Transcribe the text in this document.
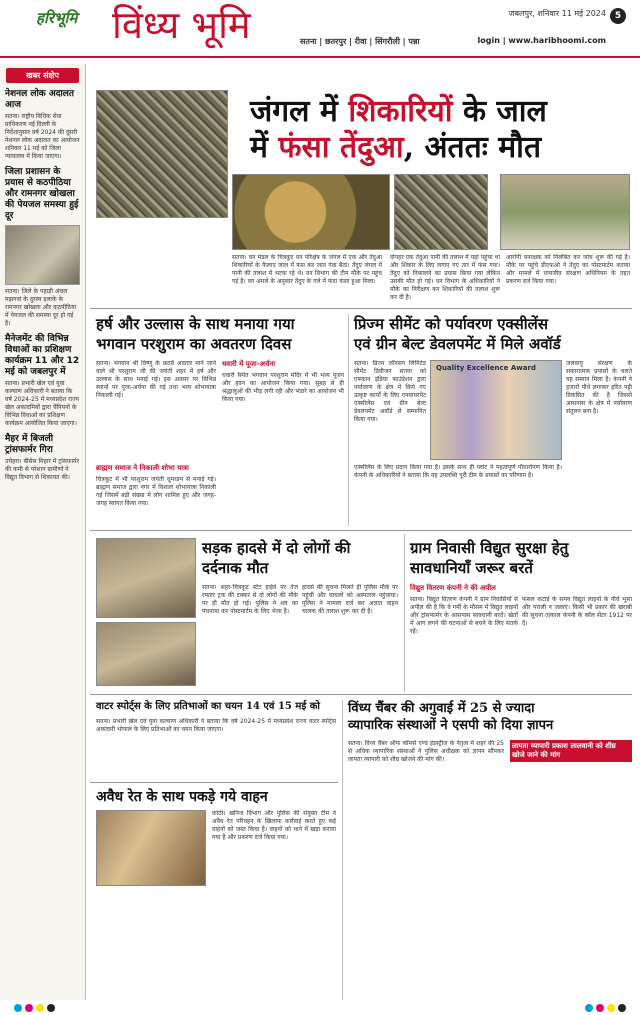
हरिभूमि विंध्य भूमि	सतना | छतरपुर | रीवा | सिंगरौली | पन्ना
जबलपुर, शनिवार 11 मई 2024 5
login | www.haribhoomi.com
खबर संक्षेप
नेशनल लोक अदालत आज
सतना। राष्ट्रीय विधिक सेवा प्राधिकरण नई दिल्ली के निर्देशानुसार वर्ष 2024 की दूसरी नेशनल लोक अदालत का आयोजन शनिवार 11 मई को जिला न्यायालय में किया जाएगा।
जिला प्रशासन के प्रयास से कठपीठिया और रामनगर खोखला की पेयजल समस्या हुई दूर
सतना। जिले के पहाड़ी अंचल मझगवां के दुरस्थ इलाके के रामनगर खोखला और कठपीठिया में पेयजल की समस्या दूर हो गई है।
मैनेजमेंट की विभिन्न विधाओं का प्रशिक्षण कार्यक्रम 11 और 12 मई को जबलपुर में
सतना। प्रभारी खेल एवं युवा कल्याण अधिकारी ने बताया कि वर्ष 2024-25 में मध्यप्रदेश राज्य खेल अकादमियों द्वारा चैंपियनों के विभिन्न विधाओं का प्रशिक्षण कार्यक्रम आयोजित किया जाएगा।
मैहर में बिजली ट्रांसफार्मर गिरा
उचेहरा। बीसेस मिहार में ट्रांसफार्मर की कमी से परेशान ग्रामीणों ने विद्युत विभाग से शिकायत की।
जंगल में शिकारियों के जाल
में फंसा तेंदुआ, अंततः मौत
सतना। वन मंडल के चित्रकूट वन परिक्षेत्र के जंगल में एक और तेंदुआ शिकारियों के फैलाए जाल में फंस कर जान गंवा बैठा। तेंदुए जंगल में पानी की तलाश में भटक रहे थे। वन विभाग की टीम मौके पर पहुंच गई है। वन अमले के अनुसार तेंदुए के गले में फंदा फंसा हुआ मिला।
दोपहर एक तेंदुआ पानी की तलाश में यहां पहुंचा था और शिकार के लिए लगाए गए तार में फंस गया। तेंदुए को निकालने का प्रयास किया गया लेकिन उसकी मौत हो गई। वन विभाग के अधिकारियों ने मौके का निरीक्षण कर शिकारियों की तलाश शुरू कर दी है।
आरोपी वनरक्षक को निलंबित कर जांच शुरू की गई है। मौके पर पहुंचे डीएफओ ने तेंदुए का पोस्टमार्टम कराया और मामले में वन्यजीव संरक्षण अधिनियम के तहत प्रकरण दर्ज किया गया।
हर्ष और उल्लास के साथ मनाया गया
भगवान परशुराम का अवतरण दिवस
सतना। भगवान श्री विष्णु के छठवें अवतार माने जाने वाले श्री परशुराम जी की जयंती शहर में हर्ष और उल्लास के साथ मनाई गई। इस अवसर पर विभिन्न स्थानों पर पूजा-अर्चना की गई तथा भव्य शोभायात्रा निकाली गई।
ब्राह्मण समाज ने निकाली शोभा यात्रा
चित्रकूट में भी परशुराम जयंती धूमधाम से मनाई गई। ब्राह्मण समाज द्वारा नगर में विशाल शोभायात्रा निकाली गई जिसमें बड़ी संख्या में लोग शामिल हुए और जगह-जगह स्वागत किया गया।
धवारी में पूजा-अर्चना
धवारी स्थित भगवान परशुराम मंदिर में भी भव्य पूजन और हवन का आयोजन किया गया। सुबह से ही श्रद्धालुओं की भीड़ लगी रही और भंडारे का आयोजन भी किया गया।
प्रिज्म सीमेंट को पर्यावरण एक्सीलेंस
एवं ग्रीन बेल्ट डेवलपमेंट में मिले अवॉर्ड
सतना। प्रिज्म जॉनसन लिमिटेड सीमेंट डिवीजन सतना को एफ्कान इंडिया फाउंडेशन द्वारा पर्यावरण के क्षेत्र में किये गए उत्कृष्ट कार्यों के लिए एनवायरमेंट एक्सीलेंस एवं ग्रीन बेल्ट डेवलपमेंट अवॉर्ड से सम्मानित किया गया।
Quality Excellence Award
जलवायु संरक्षण के सकारात्मक प्रयासों के चलते यह सम्मान मिला है। कंपनी ने हजारों पौधे लगाकर हरित पट्टी विकसित की है जिससे आसपास के क्षेत्र में पर्यावरण संतुलन बना है।
एक्सीलेंस के लिए प्रदान किया गया है। इसके साथ ही प्लांट ने महत्वपूर्ण पौधारोपण किया है। कंपनी के अधिकारियों ने बताया कि यह उपलब्धि पूरी टीम के प्रयासों का परिणाम है।
सड़क हादसे में दो लोगों की
दर्दनाक मौत
सतना। शहर-चित्रकूट स्टेट हाईवे पर तेज रफ्तार ट्रक की टक्कर से दो लोगों की मौके पर ही मौत हो गई। पुलिस ने शव का पंचनामा कर पोस्टमार्टम के लिए भेजा है।
हादसे की सूचना मिलते ही पुलिस मौके पर पहुंची और घायलों को अस्पताल पहुंचाया। पुलिस ने मामला दर्ज कर अज्ञात वाहन चालक की तलाश शुरू कर दी है।
ग्राम निवासी विद्युत सुरक्षा हेतु
सावधानियाँ जरूर बरतें
विद्युत वितरण कंपनी ने की अपील
सतना। विद्युत वितरण कंपनी ने ग्राम निवासियों से अपील की है कि वे गर्मी के मौसम में विद्युत लाइनों और ट्रांसफार्मर के आसपास सावधानी बरतें। खेतों में आग लगने की घटनाओं से बचने के लिए सतर्क रहें।
फसल कटाई के समय विद्युत लाइनों के नीचे भूसा और पराली न जलाएं। किसी भी प्रकार की खराबी की सूचना तत्काल कंपनी के कॉल सेंटर 1912 पर दें।
वाटर स्पोर्ट्स के लिए प्रतिभाओं का चयन 14 एवं 15 मई को
सतना। प्रभारी खेल एवं युवा कल्याण अधिकारी ने बताया कि वर्ष 2024-25 में मध्यप्रदेश राज्य वाटर स्पोर्ट्स अकादमी भोपाल के लिए प्रतिभाओं का चयन किया जाएगा।
विंध्य चैंबर की अगुवाई में 25 से ज्यादा
व्यापारिक संस्थाओं ने एसपी को दिया ज्ञापन
लापता व्यापारी प्रकाश लालवानी को शीघ्र खोजे जाने की मांग
सतना। विंध्य चैंबर ऑफ कॉमर्स एण्ड इंडस्ट्रीज के नेतृत्व में शहर की 25 से अधिक व्यापारिक संस्थाओं ने पुलिस अधीक्षक को ज्ञापन सौंपकर लापता व्यापारी को शीघ्र खोजने की मांग की।
अवैध रेत के साथ पकड़े गये वाहन
कोठी। खनिज विभाग और पुलिस की संयुक्त टीम ने अवैध रेत परिवहन के खिलाफ कार्रवाई करते हुए कई वाहनों को जब्त किया है। वाहनों को थाने में खड़ा कराया गया है और प्रकरण दर्ज किया गया।
